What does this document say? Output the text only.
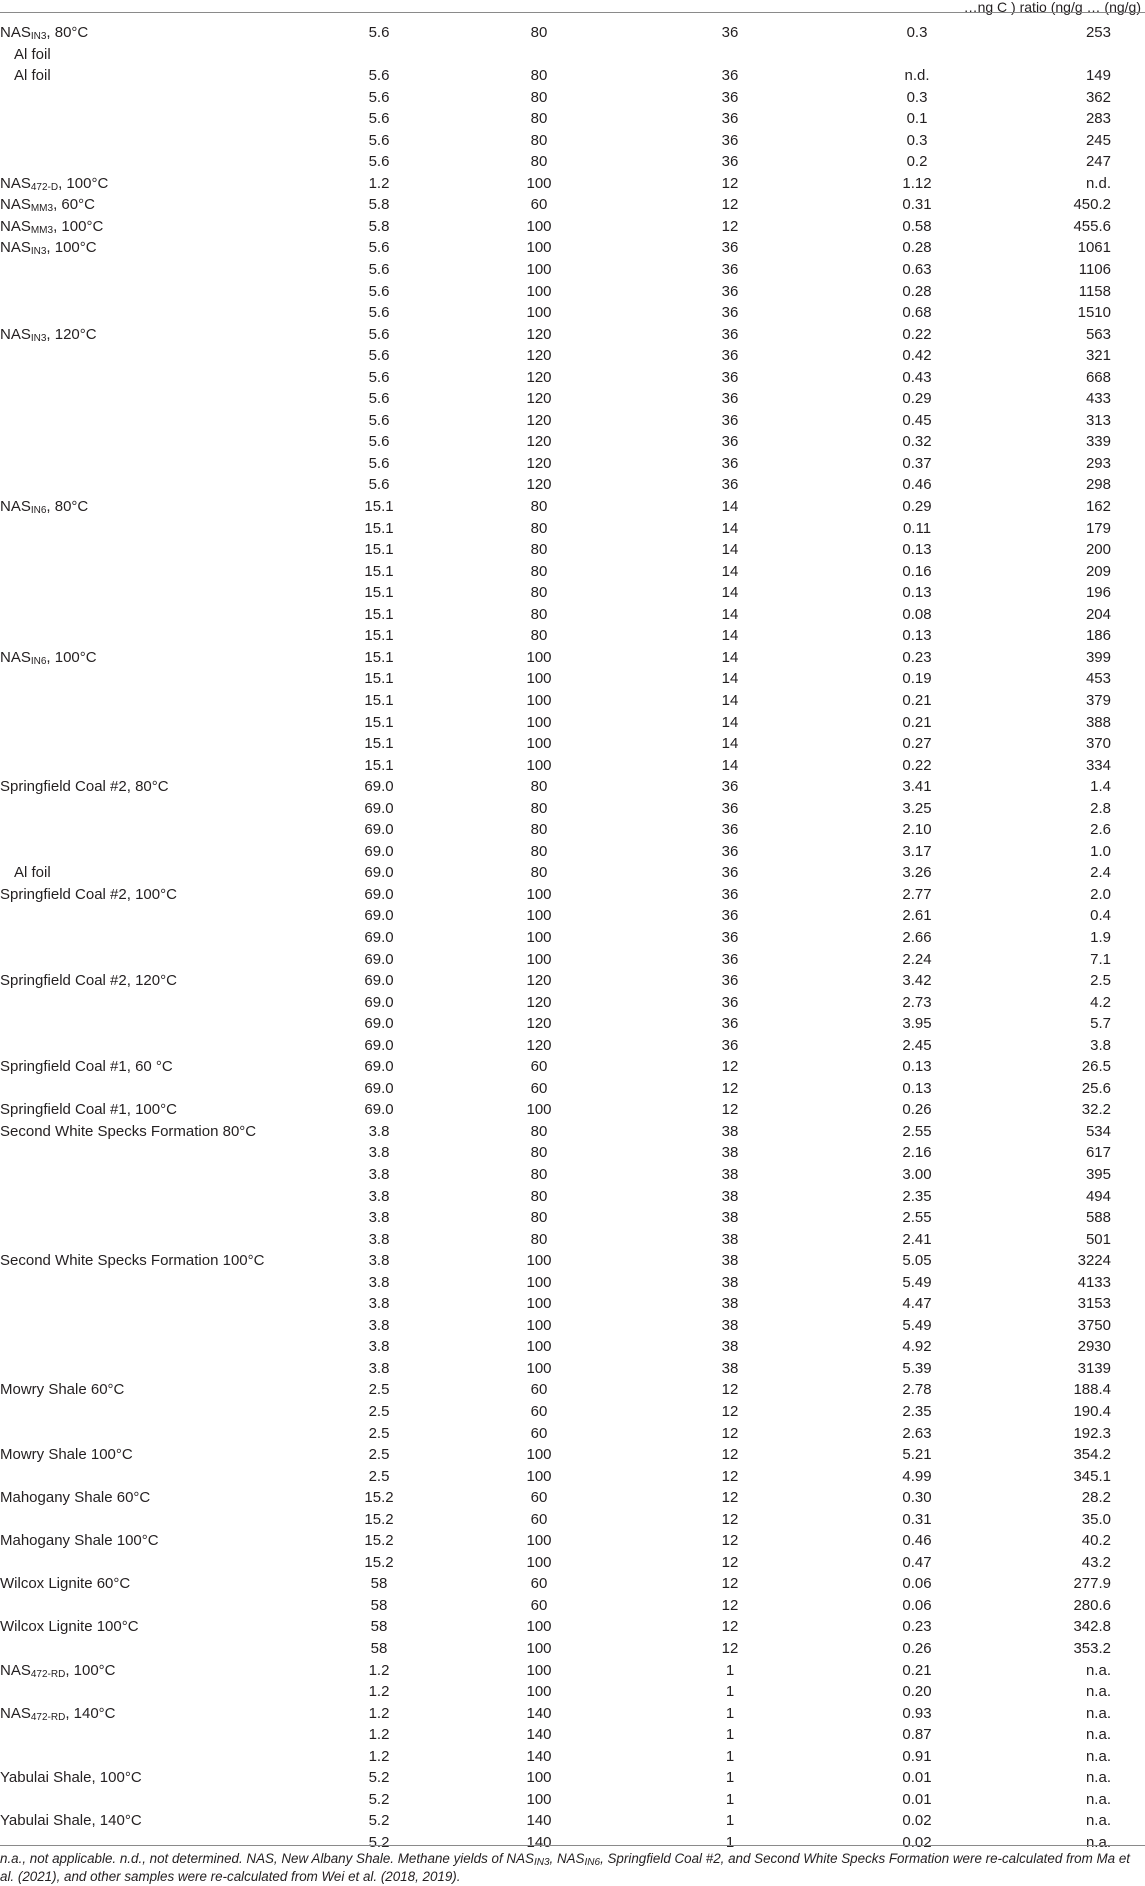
…ng C ) ratio (ng/g … (ng/g)
$NAS_{IN3}$, 80°C	5.6	80	36	0.3	253
Al foil
Al foil	5.6	80	36	n.d.	149
5.6	80	36	0.3	362
5.6	80	36	0.1	283
5.6	80	36	0.3	245
5.6	80	36	0.2	247
$NAS_{472-D}$, 100°C	1.2	100	12	1.12	n.d.
$NAS_{MM3}$, 60°C	5.8	60	12	0.31	450.2
$NAS_{MM3}$, 100°C	5.8	100	12	0.58	455.6
$NAS_{IN3}$, 100°C	5.6	100	36	0.28	1061
5.6	100	36	0.63	1106
5.6	100	36	0.28	1158
5.6	100	36	0.68	1510
$NAS_{IN3}$, 120°C	5.6	120	36	0.22	563
5.6	120	36	0.42	321
5.6	120	36	0.43	668
5.6	120	36	0.29	433
5.6	120	36	0.45	313
5.6	120	36	0.32	339
5.6	120	36	0.37	293
5.6	120	36	0.46	298
$NAS_{IN6}$, 80°C	15.1	80	14	0.29	162
15.1	80	14	0.11	179
15.1	80	14	0.13	200
15.1	80	14	0.16	209
15.1	80	14	0.13	196
15.1	80	14	0.08	204
15.1	80	14	0.13	186
$NAS_{IN6}$, 100°C	15.1	100	14	0.23	399
15.1	100	14	0.19	453
15.1	100	14	0.21	379
15.1	100	14	0.21	388
15.1	100	14	0.27	370
15.1	100	14	0.22	334
Springfield Coal #2, 80°C	69.0	80	36	3.41	1.4
69.0	80	36	3.25	2.8
69.0	80	36	2.10	2.6
69.0	80	36	3.17	1.0
Al foil	69.0	80	36	3.26	2.4
Springfield Coal #2, 100°C	69.0	100	36	2.77	2.0
69.0	100	36	2.61	0.4
69.0	100	36	2.66	1.9
69.0	100	36	2.24	7.1
Springfield Coal #2, 120°C	69.0	120	36	3.42	2.5
69.0	120	36	2.73	4.2
69.0	120	36	3.95	5.7
69.0	120	36	2.45	3.8
Springfield Coal #1, 60 °C	69.0	60	12	0.13	26.5
69.0	60	12	0.13	25.6
Springfield Coal #1, 100°C	69.0	100	12	0.26	32.2
Second White Specks Formation 80°C	3.8	80	38	2.55	534
3.8	80	38	2.16	617
3.8	80	38	3.00	395
3.8	80	38	2.35	494
3.8	80	38	2.55	588
3.8	80	38	2.41	501
Second White Specks Formation 100°C	3.8	100	38	5.05	3224
3.8	100	38	5.49	4133
3.8	100	38	4.47	3153
3.8	100	38	5.49	3750
3.8	100	38	4.92	2930
3.8	100	38	5.39	3139
Mowry Shale 60°C	2.5	60	12	2.78	188.4
2.5	60	12	2.35	190.4
2.5	60	12	2.63	192.3
Mowry Shale 100°C	2.5	100	12	5.21	354.2
2.5	100	12	4.99	345.1
Mahogany Shale 60°C	15.2	60	12	0.30	28.2
15.2	60	12	0.31	35.0
Mahogany Shale 100°C	15.2	100	12	0.46	40.2
15.2	100	12	0.47	43.2
Wilcox Lignite 60°C	58	60	12	0.06	277.9
58	60	12	0.06	280.6
Wilcox Lignite 100°C	58	100	12	0.23	342.8
58	100	12	0.26	353.2
$NAS_{472-RD}$, 100°C	1.2	100	1	0.21	n.a.
1.2	100	1	0.20	n.a.
$NAS_{472-RD}$, 140°C	1.2	140	1	0.93	n.a.
1.2	140	1	0.87	n.a.
1.2	140	1	0.91	n.a.
Yabulai Shale, 100°C	5.2	100	1	0.01	n.a.
5.2	100	1	0.01	n.a.
Yabulai Shale, 140°C	5.2	140	1	0.02	n.a.
5.2	140	1	0.02	n.a.
n.a., not applicable. n.d., not determined. NAS, New Albany Shale. Methane yields of $NAS_{IN3}$, $NAS_{IN6}$, Springfield Coal #2, and Second White Specks Formation were re-calculated from Ma et al. (2021), and other samples were re-calculated from Wei et al. (2018, 2019).
